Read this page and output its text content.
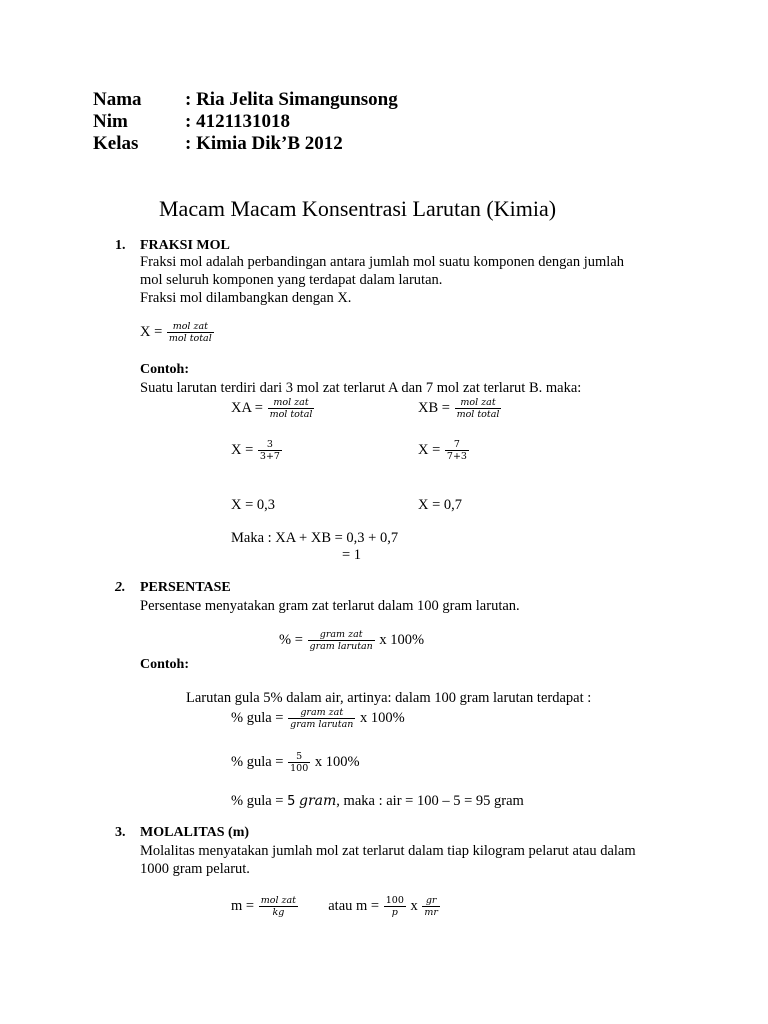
Nama : Ria Jelita Simangunsong
Nim	: 4121131018
Kelas : Kimia Dik’B 2012
Macam Macam Konsentrasi Larutan (Kimia)
1. FRAKSI MOL
Fraksi mol adalah perbandingan antara jumlah mol suatu komponen dengan jumlah
mol seluruh komponen yang terdapat dalam larutan.
Fraksi mol dilambangkan dengan X.
$X = \frac{\text{mol zat}}{\text{mol total}}$
Contoh:
Suatu larutan terdiri dari 3 mol zat terlarut A dan 7 mol zat terlarut B. maka:
XA = $\frac{\text{mol zat}}{\text{mol total}}$	XB = $\frac{\text{mol zat}}{\text{mol total}}$
$X = \frac{3}{3+7}$	$X = \frac{7}{7+3}$
X = 0,3	X = 0,7
Maka : XA + XB = 0,3 + 0,7
= 1
2. PERSENTASE
Persentase menyatakan gram zat terlarut dalam 100 gram larutan.
% = $\frac{\text{gram zat}}{\text{gram larutan}}$ x 100%
Contoh:
Larutan gula 5% dalam air, artinya: dalam 100 gram larutan terdapat :
% gula = $\frac{\text{gram zat}}{\text{gram larutan}}$ x 100%
% gula = $\frac{5}{100}$ x 100%
% gula = 5 gram, maka : air = 100 – 5 = 95 gram
3. MOLALITAS (m)
Molalitas menyatakan jumlah mol zat terlarut dalam tiap kilogram pelarut atau dalam
1000 gram pelarut.
$m = \frac{\text{mol zat}}{kg}$ atau $m = \frac{100}{p}$ x $\frac{gr}{mr}$
